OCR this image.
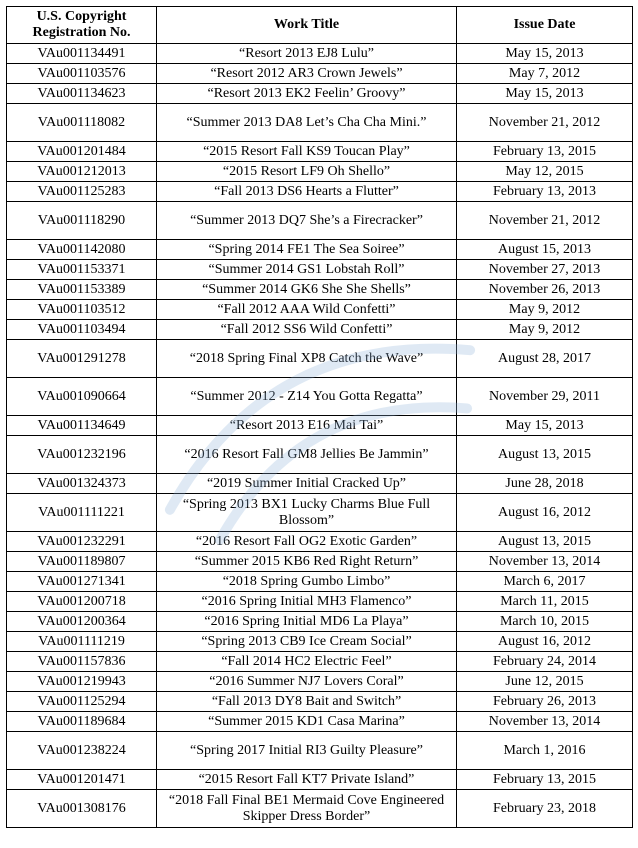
U.S. Copyright
Registration No.	Work Title	Issue Date
VAu001134491	“Resort 2013 EJ8 Lulu”	May 15, 2013
VAu001103576	“Resort 2012 AR3 Crown Jewels”	May 7, 2012
VAu001134623	“Resort 2013 EK2 Feelin’ Groovy”	May 15, 2013
VAu001118082	“Summer 2013 DA8 Let’s Cha Cha Mini.”	November 21, 2012
VAu001201484	“2015 Resort Fall KS9 Toucan Play”	February 13, 2015
VAu001212013	“2015 Resort LF9 Oh Shello”	May 12, 2015
VAu001125283	“Fall 2013 DS6 Hearts a Flutter”	February 13, 2013
VAu001118290	“Summer 2013 DQ7 She’s a Firecracker”	November 21, 2012
VAu001142080	“Spring 2014 FE1 The Sea Soiree”	August 15, 2013
VAu001153371	“Summer 2014 GS1 Lobstah Roll”	November 27, 2013
VAu001153389	“Summer 2014 GK6 She She Shells”	November 26, 2013
VAu001103512	“Fall 2012 AAA Wild Confetti”	May 9, 2012
VAu001103494	“Fall 2012 SS6 Wild Confetti”	May 9, 2012
VAu001291278	“2018 Spring Final XP8 Catch the Wave”	August 28, 2017
VAu001090664	“Summer 2012 - Z14 You Gotta Regatta”	November 29, 2011
VAu001134649	“Resort 2013 E16 Mai Tai”	May 15, 2013
VAu001232196	“2016 Resort Fall GM8 Jellies Be Jammin”	August 13, 2015
VAu001324373	“2019 Summer Initial Cracked Up”	June 28, 2018
VAu001111221	“Spring 2013 BX1 Lucky Charms Blue Full Blossom”	August 16, 2012
VAu001232291	“2016 Resort Fall OG2 Exotic Garden”	August 13, 2015
VAu001189807	“Summer 2015 KB6 Red Right Return”	November 13, 2014
VAu001271341	“2018 Spring Gumbo Limbo”	March 6, 2017
VAu001200718	“2016 Spring Initial MH3 Flamenco”	March 11, 2015
VAu001200364	“2016 Spring Initial MD6 La Playa”	March 10, 2015
VAu001111219	“Spring 2013 CB9 Ice Cream Social”	August 16, 2012
VAu001157836	“Fall 2014 HC2 Electric Feel”	February 24, 2014
VAu001219943	“2016 Summer NJ7 Lovers Coral”	June 12, 2015
VAu001125294	“Fall 2013 DY8 Bait and Switch”	February 26, 2013
VAu001189684	“Summer 2015 KD1 Casa Marina”	November 13, 2014
VAu001238224	“Spring 2017 Initial RI3 Guilty Pleasure”	March 1, 2016
VAu001201471	“2015 Resort Fall KT7 Private Island”	February 13, 2015
VAu001308176	“2018 Fall Final BE1 Mermaid Cove Engineered Skipper Dress Border”	February 23, 2018
